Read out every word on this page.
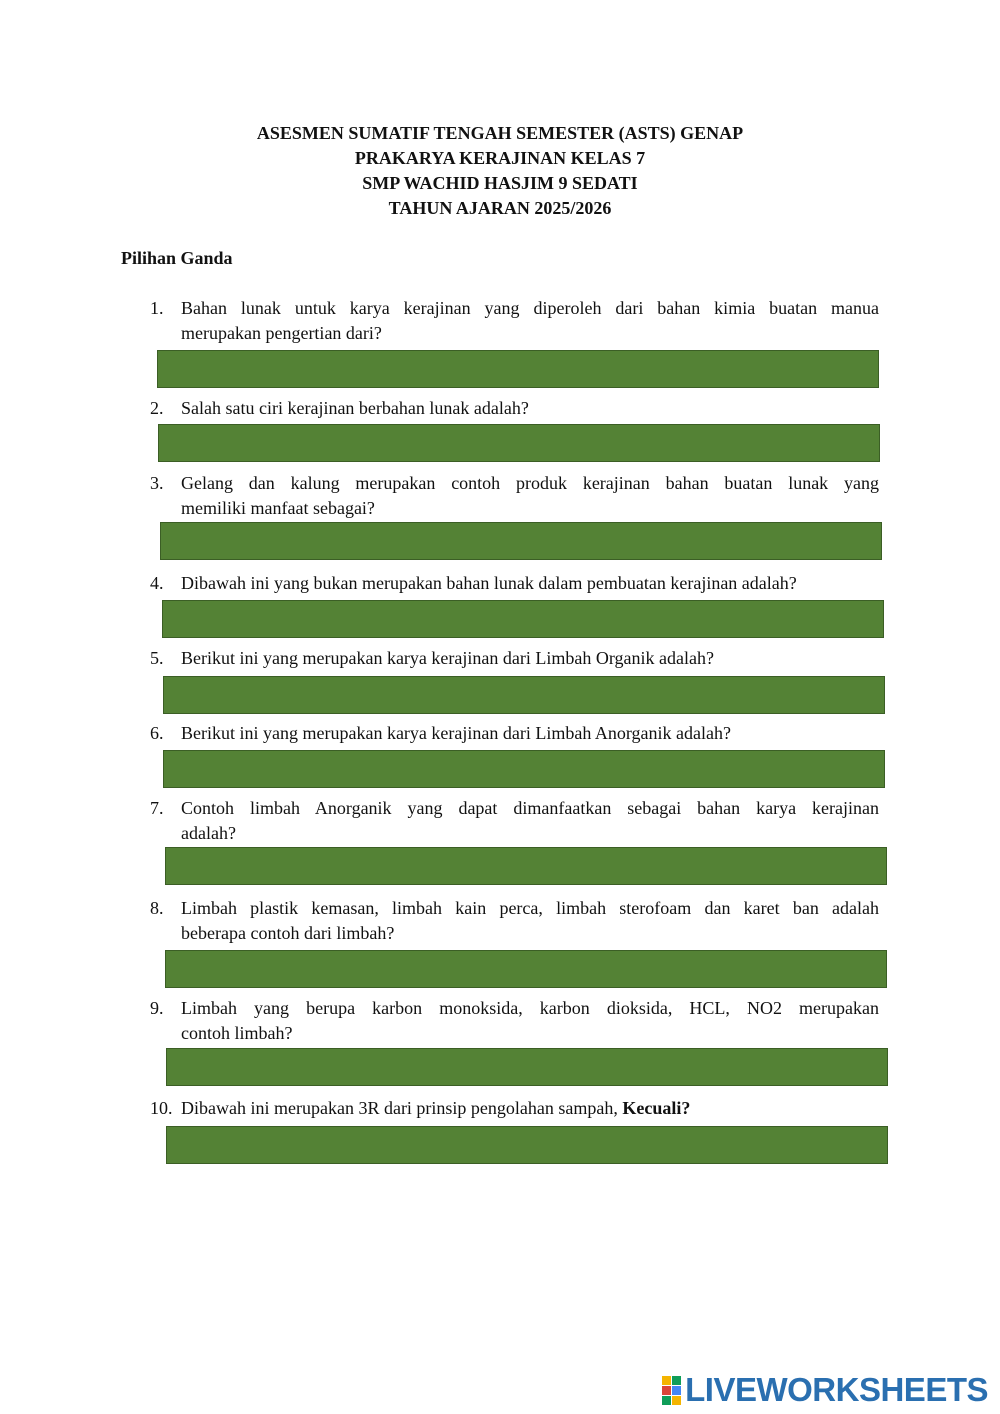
ASESMEN SUMATIF TENGAH SEMESTER (ASTS) GENAP
PRAKARYA KERAJINAN KELAS 7
SMP WACHID HASJIM 9 SEDATI
TAHUN AJARAN 2025/2026
Pilihan Ganda
1. Bahan lunak untuk karya kerajinan yang diperoleh dari bahan kimia buatan manua
merupakan pengertian dari?
2. Salah satu ciri kerajinan berbahan lunak adalah?
3. Gelang dan kalung merupakan contoh produk kerajinan bahan buatan lunak yang
memiliki manfaat sebagai?
4. Dibawah ini yang bukan merupakan bahan lunak dalam pembuatan kerajinan adalah?
5. Berikut ini yang merupakan karya kerajinan dari Limbah Organik adalah?
6. Berikut ini yang merupakan karya kerajinan dari Limbah Anorganik adalah?
7. Contoh limbah Anorganik yang dapat dimanfaatkan sebagai bahan karya kerajinan
adalah?
8. Limbah plastik kemasan, limbah kain perca, limbah sterofoam dan karet ban adalah
beberapa contoh dari limbah?
9. Limbah yang berupa karbon monoksida, karbon dioksida, HCL, NO2 merupakan
contoh limbah?
10. Dibawah ini merupakan 3R dari prinsip pengolahan sampah, Kecuali?
LIVEWORKSHEETS
